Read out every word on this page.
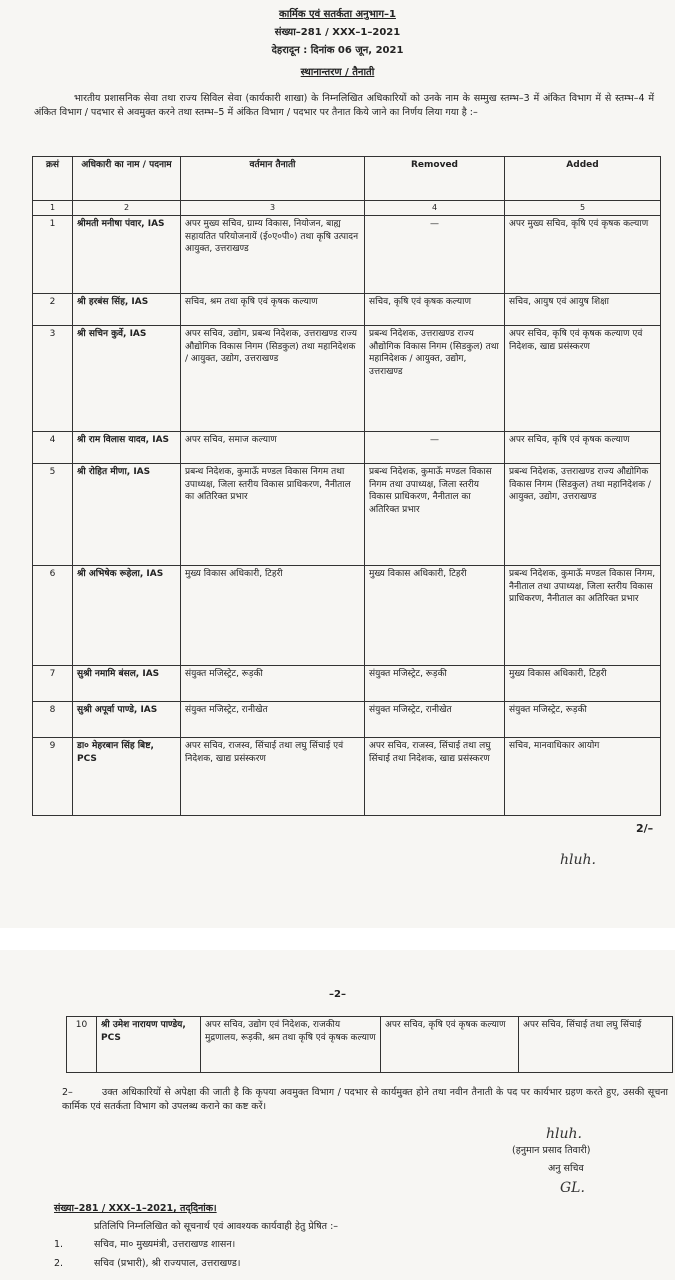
कार्मिक एवं सतर्कता अनुभाग–1
संख्या–281 / XXX–1–2021
देहरादून : दिनांक 06 जून, 2021
स्थानान्तरण / तैनाती
भारतीय प्रशासनिक सेवा तथा राज्य सिविल सेवा (कार्यकारी शाखा) के निम्नलिखित अधिकारियों को उनके नाम के सम्मुख स्तम्भ–3 में अंकित विभाग में से स्तम्भ–4 में अंकित विभाग / पदभार से अवमुक्त करने तथा स्तम्भ–5 में अंकित विभाग / पदभार पर तैनात किये जाने का निर्णय लिया गया है :–
क्रसं	अधिकारी का नाम / पदनाम	वर्तमान तैनाती	Removed	Added
1	2	3	4	5
1	श्रीमती मनीषा पंवार, IAS	अपर मुख्य सचिव, ग्राम्य विकास, नियोजन, बाह्य सहायतित परियोजनायें (ई०ए०पी०) तथा कृषि उत्पादन आयुक्त, उत्तराखण्ड	—	अपर मुख्य सचिव, कृषि एवं कृषक कल्याण
2	श्री हरबंस सिंह, IAS	सचिव, श्रम तथा कृषि एवं कृषक कल्याण	सचिव, कृषि एवं कृषक कल्याण	सचिव, आयुष एवं आयुष शिक्षा
3	श्री सचिन कुर्वे, IAS	अपर सचिव, उद्योग, प्रबन्ध निदेशक, उत्तराखण्ड राज्य औद्योगिक विकास निगम (सिडकुल) तथा महानिदेशक / आयुक्त, उद्योग, उत्तराखण्ड	प्रबन्ध निदेशक, उत्तराखण्ड राज्य औद्योगिक विकास निगम (सिडकुल) तथा महानिदेशक / आयुक्त, उद्योग, उत्तराखण्ड	अपर सचिव, कृषि एवं कृषक कल्याण एवं निदेशक, खाद्य प्रसंस्करण
4	श्री राम विलास यादव, IAS	अपर सचिव, समाज कल्याण	—	अपर सचिव, कृषि एवं कृषक कल्याण
5	श्री रोहित मीणा, IAS	प्रबन्ध निदेशक, कुमाऊँ मण्डल विकास निगम तथा उपाध्यक्ष, जिला स्तरीय विकास प्राधिकरण, नैनीताल का अतिरिक्त प्रभार	प्रबन्ध निदेशक, कुमाऊँ मण्डल विकास निगम तथा उपाध्यक्ष, जिला स्तरीय विकास प्राधिकरण, नैनीताल का अतिरिक्त प्रभार	प्रबन्ध निदेशक, उत्तराखण्ड राज्य औद्योगिक विकास निगम (सिडकुल) तथा महानिदेशक / आयुक्त, उद्योग, उत्तराखण्ड
6	श्री अभिषेक रूहेला, IAS	मुख्य विकास अधिकारी, टिहरी	मुख्य विकास अधिकारी, टिहरी	प्रबन्ध निदेशक, कुमाऊँ मण्डल विकास निगम, नैनीताल तथा उपाध्यक्ष, जिला स्तरीय विकास प्राधिकरण, नैनीताल का अतिरिक्त प्रभार
7	सुश्री नमामि बंसल, IAS	संयुक्त मजिस्ट्रेट, रूड़की	संयुक्त मजिस्ट्रेट, रूड़की	मुख्य विकास अधिकारी, टिहरी
8	सुश्री अपूर्वा पाण्डे, IAS	संयुक्त मजिस्ट्रेट, रानीखेत	संयुक्त मजिस्ट्रेट, रानीखेत	संयुक्त मजिस्ट्रेट, रूड़की
9	डा० मेहरबान सिंह बिष्ट, PCS	अपर सचिव, राजस्व, सिंचाई तथा लघु सिंचाई एवं निदेशक, खाद्य प्रसंस्करण	अपर सचिव, राजस्व, सिंचाई तथा लघु सिंचाई तथा निदेशक, खाद्य प्रसंस्करण	सचिव, मानवाधिकार आयोग
2/–
hluh.
–2–
10	श्री उमेश नारायण पाण्डेय, PCS	अपर सचिव, उद्योग एवं निदेशक, राजकीय मुद्रणालय, रूड़की, श्रम तथा कृषि एवं कृषक कल्याण	अपर सचिव, कृषि एवं कृषक कल्याण	अपर सचिव, सिंचाई तथा लघु सिंचाई
2–	उक्त अधिकारियों से अपेक्षा की जाती है कि कृपया अवमुक्त विभाग / पदभार से कार्यमुक्त होने तथा नवीन तैनाती के पद पर कार्यभार ग्रहण करते हुए, उसकी सूचना कार्मिक एवं सतर्कता विभाग को उपलब्ध कराने का कष्ट करें।
hluh.
(हनुमान प्रसाद तिवारी)
अनु सचिव
GL.
संख्या–281 / XXX–1–2021, तद्‌दिनांक।
प्रतिलिपि निम्नलिखित को सूचनार्थ एवं आवश्यक कार्यवाही हेतु प्रेषित :–
1.	सचिव, मा० मुख्यमंत्री, उत्तराखण्ड शासन।
2.	सचिव (प्रभारी), श्री राज्यपाल, उत्तराखण्ड।
